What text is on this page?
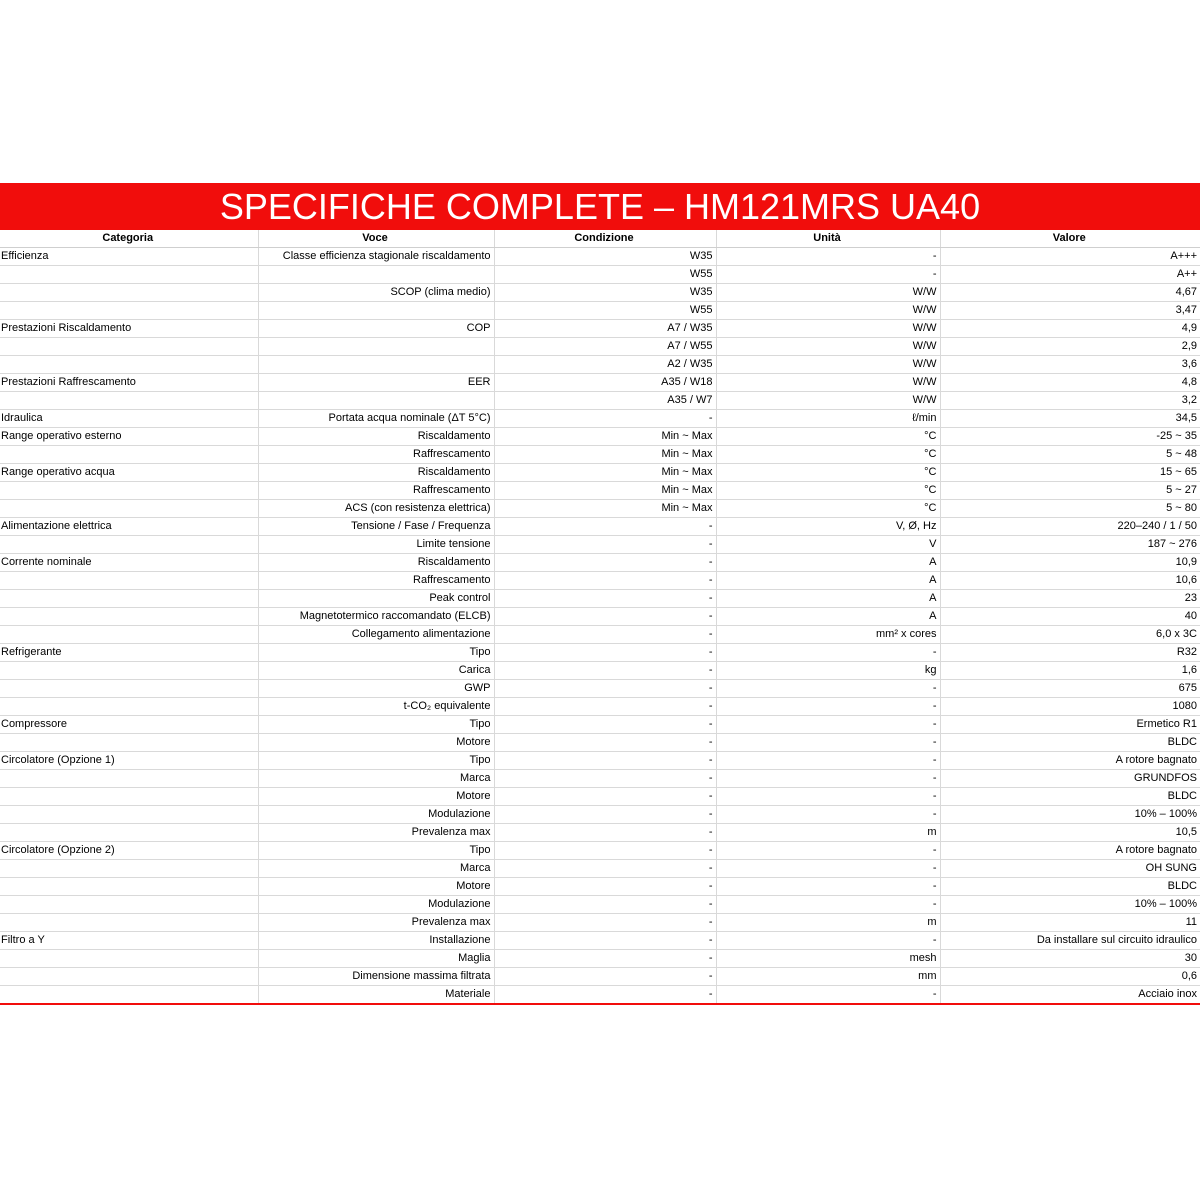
SPECIFICHE COMPLETE – HM121MRS UA40
Categoria	Voce	Condizione	Unità	Valore
Efficienza	Classe efficienza stagionale riscaldamento	W35	-	A+++
		W55	-	A++
	SCOP (clima medio)	W35	W/W	4,67
		W55	W/W	3,47
Prestazioni Riscaldamento	COP	A7 / W35	W/W	4,9
		A7 / W55	W/W	2,9
		A2 / W35	W/W	3,6
Prestazioni Raffrescamento	EER	A35 / W18	W/W	4,8
		A35 / W7	W/W	3,2
Idraulica	Portata acqua nominale (ΔT 5°C)	-	ℓ/min	34,5
Range operativo esterno	Riscaldamento	Min ~ Max	°C	-25 ~ 35
	Raffrescamento	Min ~ Max	°C	5 ~ 48
Range operativo acqua	Riscaldamento	Min ~ Max	°C	15 ~ 65
	Raffrescamento	Min ~ Max	°C	5 ~ 27
	ACS (con resistenza elettrica)	Min ~ Max	°C	5 ~ 80
Alimentazione elettrica	Tensione / Fase / Frequenza	-	V, Ø, Hz	220–240 / 1 / 50
	Limite tensione	-	V	187 ~ 276
Corrente nominale	Riscaldamento	-	A	10,9
	Raffrescamento	-	A	10,6
	Peak control	-	A	23
	Magnetotermico raccomandato (ELCB)	-	A	40
	Collegamento alimentazione	-	mm² x cores	6,0 x 3C
Refrigerante	Tipo	-	-	R32
	Carica	-	kg	1,6
	GWP	-	-	675
	t-CO₂ equivalente	-	-	1080
Compressore	Tipo	-	-	Ermetico R1
	Motore	-	-	BLDC
Circolatore (Opzione 1)	Tipo	-	-	A rotore bagnato
	Marca	-	-	GRUNDFOS
	Motore	-	-	BLDC
	Modulazione	-	-	10% – 100%
	Prevalenza max	-	m	10,5
Circolatore (Opzione 2)	Tipo	-	-	A rotore bagnato
	Marca	-	-	OH SUNG
	Motore	-	-	BLDC
	Modulazione	-	-	10% – 100%
	Prevalenza max	-	m	11
Filtro a Y	Installazione	-	-	Da installare sul circuito idraulico
	Maglia	-	mesh	30
	Dimensione massima filtrata	-	mm	0,6
	Materiale	-	-	Acciaio inox
